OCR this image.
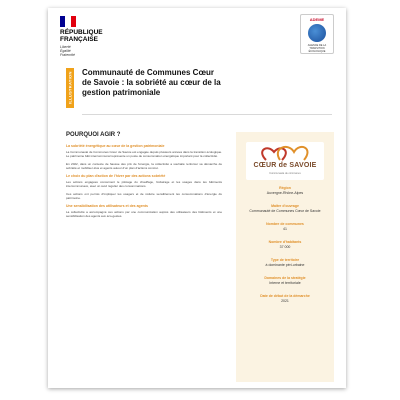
RÉPUBLIQUE FRANÇAISE
Liberté
Égalité
Fraternité
ADEME
AGENCE DE LA TRANSITION ÉCOLOGIQUE
ILLUSTRATION Communauté de Communes Cœur de Savoie : la sobriété au cœur de la gestion patrimoniale
POURQUOI AGIR ?
La sobriété énergétique au cœur de la gestion patrimoniale

La Communauté de Communes Cœur de Savoie est engagée depuis plusieurs années dans la transition écologique. Le patrimoine bâti intercommunal représente un poste de consommation énergétique important pour la collectivité.

En 2022, dans un contexte de hausse des prix de l'énergie, la collectivité a souhaité renforcer sa démarche de sobriété et mobiliser élus et agents autour d'un plan d'actions concret.

Le choix du plan d'action de l'hiver par des actions sobriété

Les actions engagées concernent le pilotage du chauffage, l'éclairage et les usages dans les bâtiments intercommunaux, avec un suivi régulier des consommations.

Ces actions ont permis d'impliquer les usagers et de réduire sensiblement les consommations d'énergie du patrimoine.

Une sensibilisation des utilisateurs et des agents

La collectivité a accompagné ces actions par une communication auprès des utilisateurs des bâtiments et une sensibilisation des agents aux éco-gestes.

CŒUR de SAVOIE
Communauté de communes
Région
Auvergne-Rhône-Alpes
Maître d'ouvrage
Communauté de Communes Cœur de Savoie
Nombre de communes
41
Nombre d'habitants
37 000
Type de territoire
à dominante péri-urbaine
Domaines de la stratégie
Interne et territoriale
Date de début de la démarche
2021
